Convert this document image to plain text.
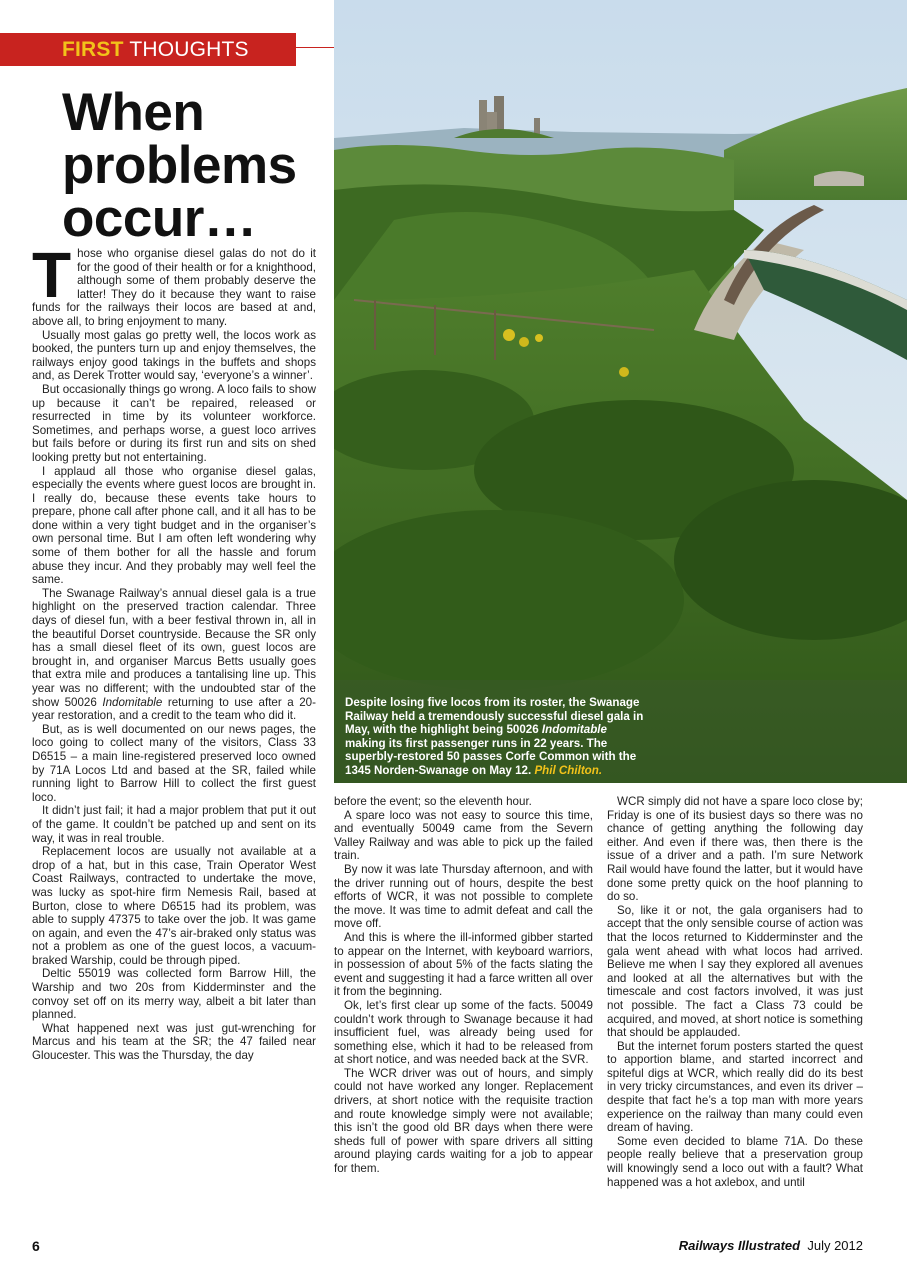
FIRST THOUGHTS
When problems occur…

Those who organise diesel galas do not do it for the good of their health or for a knighthood, although some of them probably deserve the latter! They do it because they want to raise funds for the railways their locos are based at and, above all, to bring enjoyment to many.

Usually most galas go pretty well, the locos work as booked, the punters turn up and enjoy themselves, the railways enjoy good takings in the buffets and shops and, as Derek Trotter would say, ‘everyone’s a winner’.

But occasionally things go wrong. A loco fails to show up because it can’t be repaired, released or resurrected in time by its volunteer workforce. Sometimes, and perhaps worse, a guest loco arrives but fails before or during its first run and sits on shed looking pretty but not entertaining.

I applaud all those who organise diesel galas, especially the events where guest locos are brought in. I really do, because these events take hours to prepare, phone call after phone call, and it all has to be done within a very tight budget and in the organiser’s own personal time. But I am often left wondering why some of them bother for all the hassle and forum abuse they incur. And they probably may well feel the same.

The Swanage Railway’s annual diesel gala is a true highlight on the preserved traction calendar. Three days of diesel fun, with a beer festival thrown in, all in the beautiful Dorset countryside. Because the SR only has a small diesel fleet of its own, guest locos are brought in, and organiser Marcus Betts usually goes that extra mile and produces a tantalising line up. This year was no different; with the undoubted star of the show 50026 Indomitable returning to use after a 20-year restoration, and a credit to the team who did it.

But, as is well documented on our news pages, the loco going to collect many of the visitors, Class 33 D6515 – a main line-registered preserved loco owned by 71A Locos Ltd and based at the SR, failed while running light to Barrow Hill to collect the first guest loco.

It didn’t just fail; it had a major problem that put it out of the game. It couldn’t be patched up and sent on its way, it was in real trouble.

Replacement locos are usually not available at a drop of a hat, but in this case, Train Operator West Coast Railways, contracted to undertake the move, was lucky as spot-hire firm Nemesis Rail, based at Burton, close to where D6515 had its problem, was able to supply 47375 to take over the job. It was game on again, and even the 47’s air-braked only status was not a problem as one of the guest locos, a vacuum-braked Warship, could be through piped.

Deltic 55019 was collected form Barrow Hill, the Warship and two 20s from Kidderminster and the convoy set off on its merry way, albeit a bit later than planned.

What happened next was just gut-wrenching for Marcus and his team at the SR; the 47 failed near Gloucester. This was the Thursday, the day

Despite losing five locos from its roster, the Swanage Railway held a tremendously successful diesel gala in May, with the highlight being 50026 Indomitable making its first passenger runs in 22 years. The superbly-restored 50 passes Corfe Common with the 1345 Norden-Swanage on May 12. Phil Chilton.

before the event; so the eleventh hour.

A spare loco was not easy to source this time, and eventually 50049 came from the Severn Valley Railway and was able to pick up the failed train.

By now it was late Thursday afternoon, and with the driver running out of hours, despite the best efforts of WCR, it was not possible to complete the move. It was time to admit defeat and call the move off.

And this is where the ill-informed gibber started to appear on the Internet, with keyboard warriors, in possession of about 5% of the facts slating the event and suggesting it had a farce written all over it from the beginning.

Ok, let’s first clear up some of the facts. 50049 couldn’t work through to Swanage because it had insufficient fuel, was already being used for something else, which it had to be released from at short notice, and was needed back at the SVR.

The WCR driver was out of hours, and simply could not have worked any longer. Replacement drivers, at short notice with the requisite traction and route knowledge simply were not available; this isn’t the good old BR days when there were sheds full of power with spare drivers all sitting around playing cards waiting for a job to appear for them.

WCR simply did not have a spare loco close by; Friday is one of its busiest days so there was no chance of getting anything the following day either. And even if there was, then there is the issue of a driver and a path. I’m sure Network Rail would have found the latter, but it would have done some pretty quick on the hoof planning to do so.

So, like it or not, the gala organisers had to accept that the only sensible course of action was that the locos returned to Kidderminster and the gala went ahead with what locos had arrived. Believe me when I say they explored all avenues and looked at all the alternatives but with the timescale and cost factors involved, it was just not possible. The fact a Class 73 could be acquired, and moved, at short notice is something that should be applauded.

But the internet forum posters started the quest to apportion blame, and started incorrect and spiteful digs at WCR, which really did do its best in very tricky circumstances, and even its driver – despite that fact he’s a top man with more years experience on the railway than many could even dream of having.

Some even decided to blame 71A. Do these people really believe that a preservation group will knowingly send a loco out with a fault? What happened was a hot axlebox, and until

6	Railways Illustrated July 2012
